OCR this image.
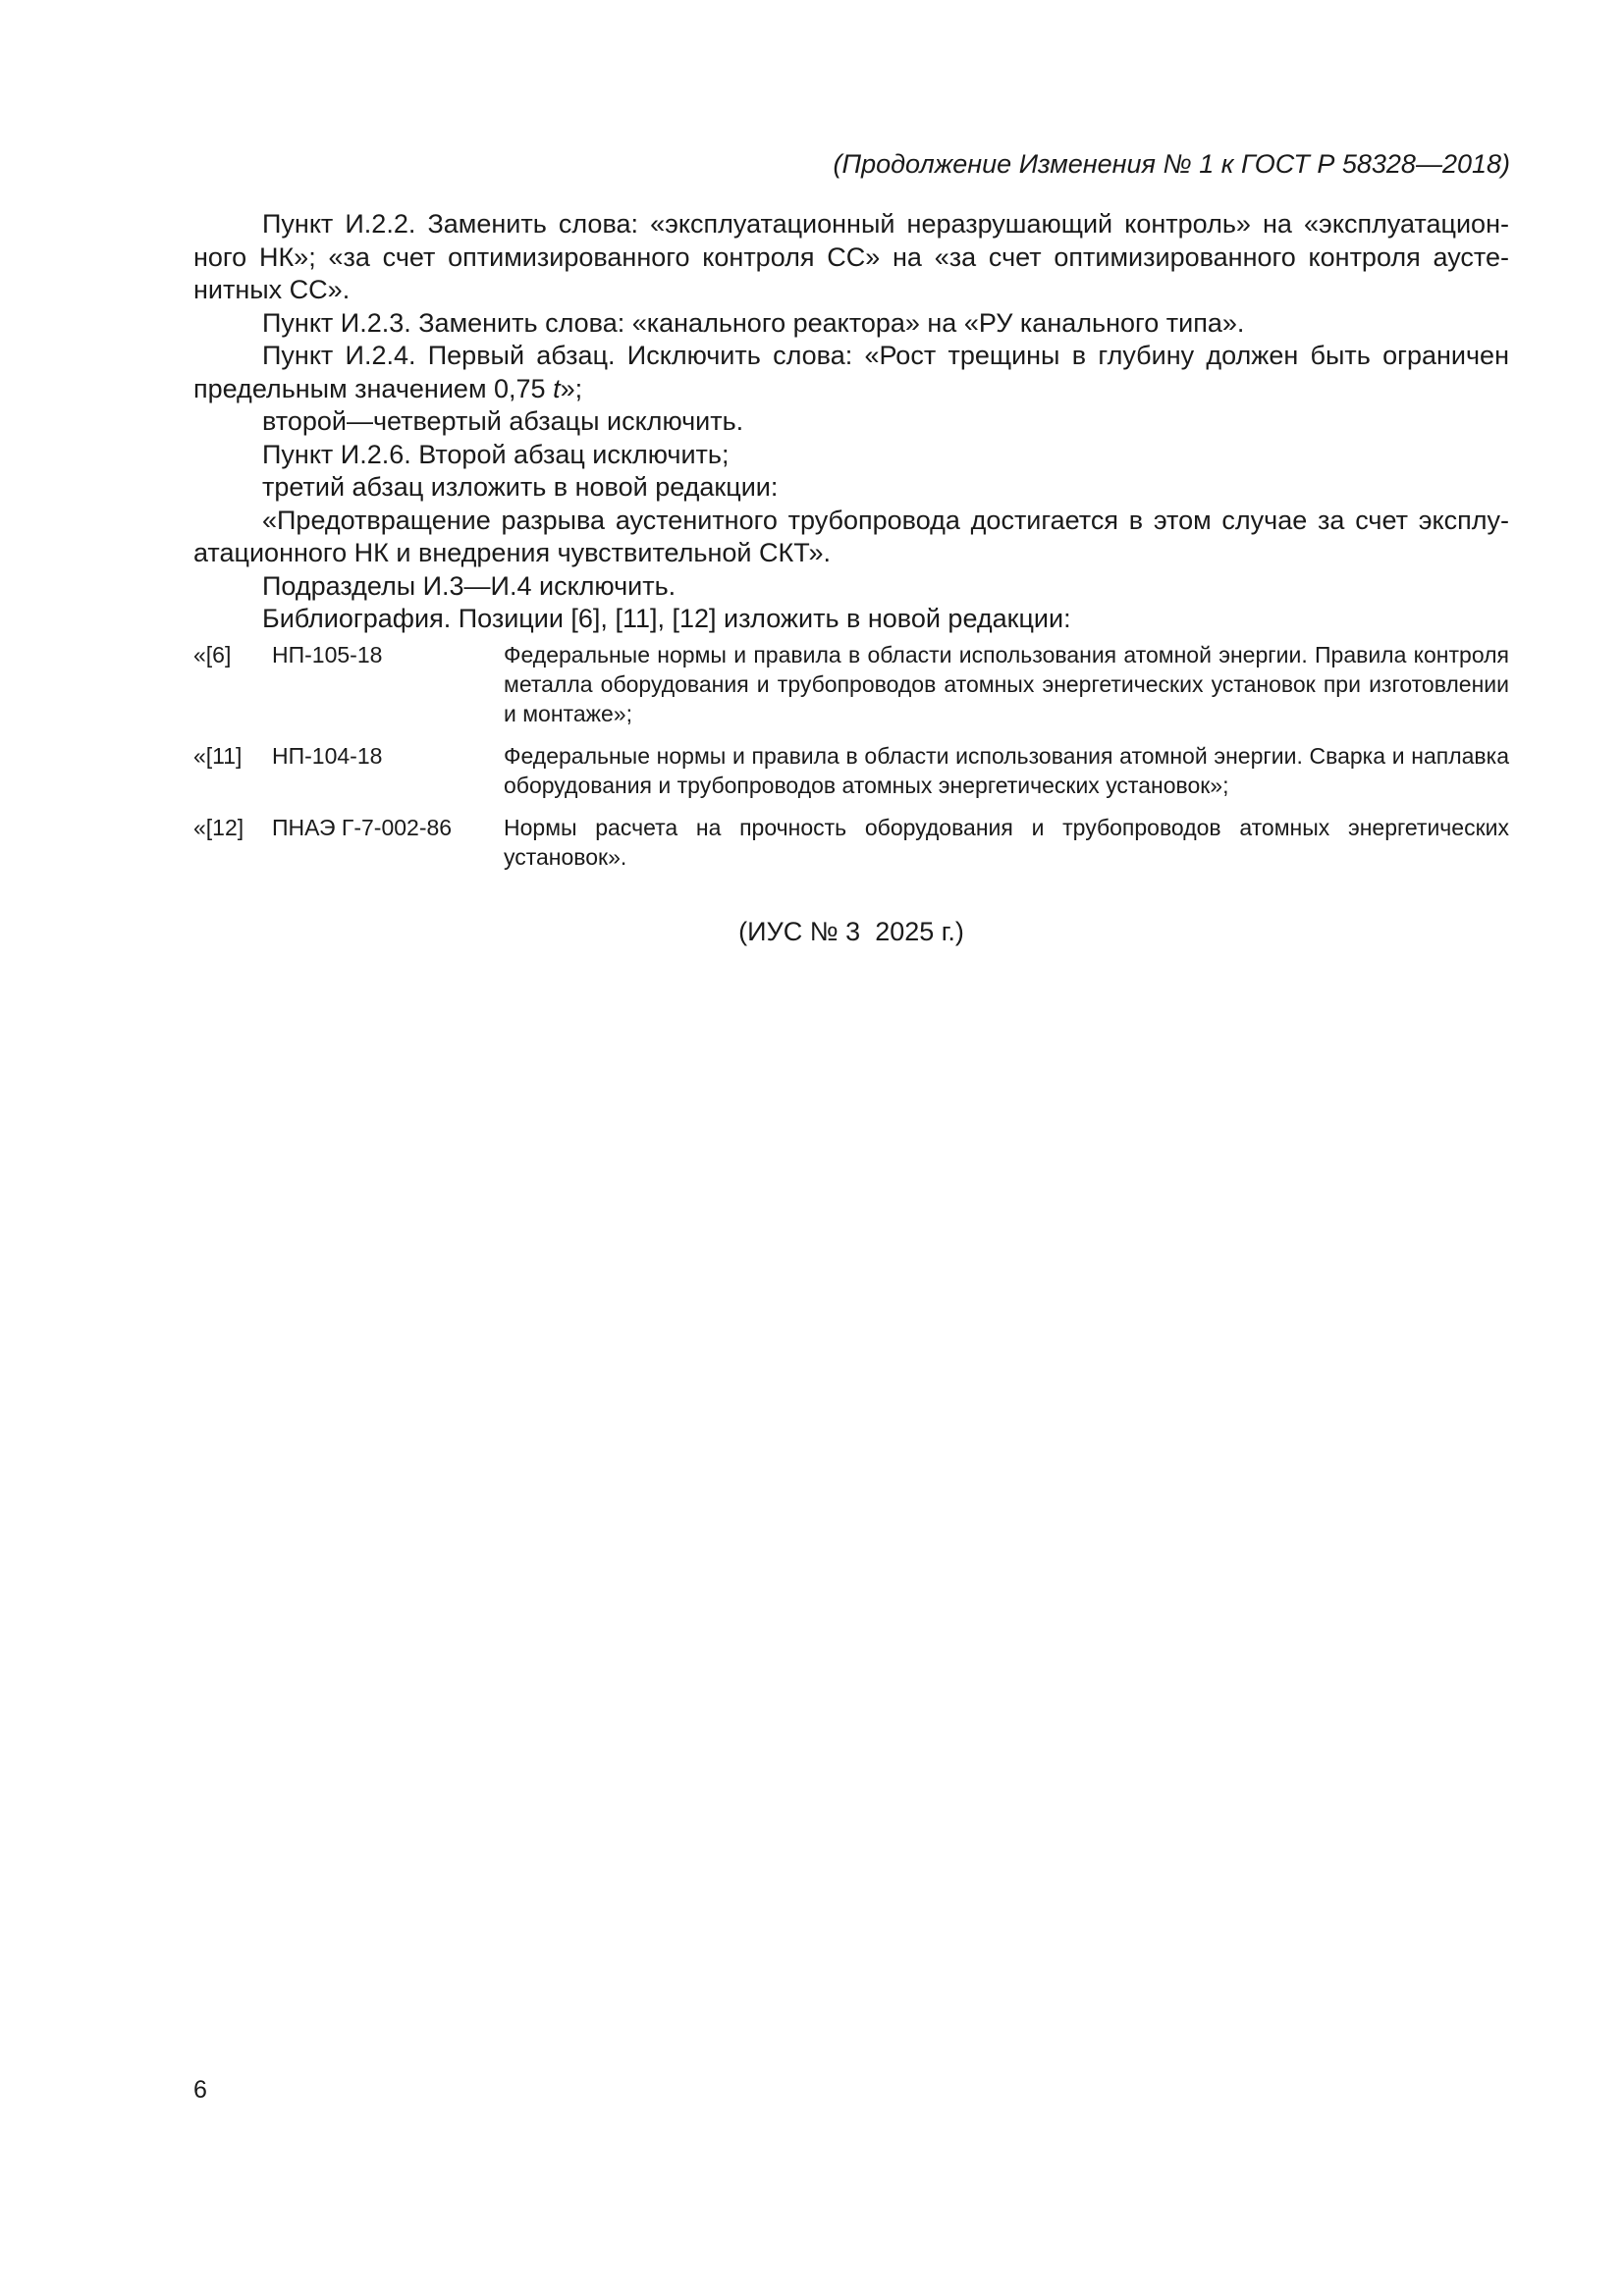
(Продолжение Изменения № 1 к ГОСТ Р 58328—2018)

Пункт И.2.2. Заменить слова: «эксплуатационный неразрушающий контроль» на «эксплуатационного НК»; «за счет оптимизированного контроля СС» на «за счет оптимизированного контроля аустенитных СС».

Пункт И.2.3. Заменить слова: «канального реактора» на «РУ канального типа».

Пункт И.2.4. Первый абзац. Исключить слова: «Рост трещины в глубину должен быть ограничен предельным значением 0,75 t»;

второй—четвертый абзацы исключить.

Пункт И.2.6. Второй абзац исключить;

третий абзац изложить в новой редакции:

«Предотвращение разрыва аустенитного трубопровода достигается в этом случае за счет эксплуатационного НК и внедрения чувствительной СКТ».

Подразделы И.3—И.4 исключить.

Библиография. Позиции [6], [11], [12] изложить в новой редакции:

«[6]	НП-105-18	Федеральные нормы и правила в области использования атомной энергии. Правила контроля металла оборудования и трубопроводов атомных энергетических установок при изготовлении и монтаже»;
«[11]	НП-104-18	Федеральные нормы и правила в области использования атомной энергии. Сварка и наплавка оборудования и трубопроводов атомных энергетических установок»;
«[12]	ПНАЭ Г-7-002-86	Нормы расчета на прочность оборудования и трубопроводов атомных энергетических установок».
(ИУС № 3  2025 г.)
6
